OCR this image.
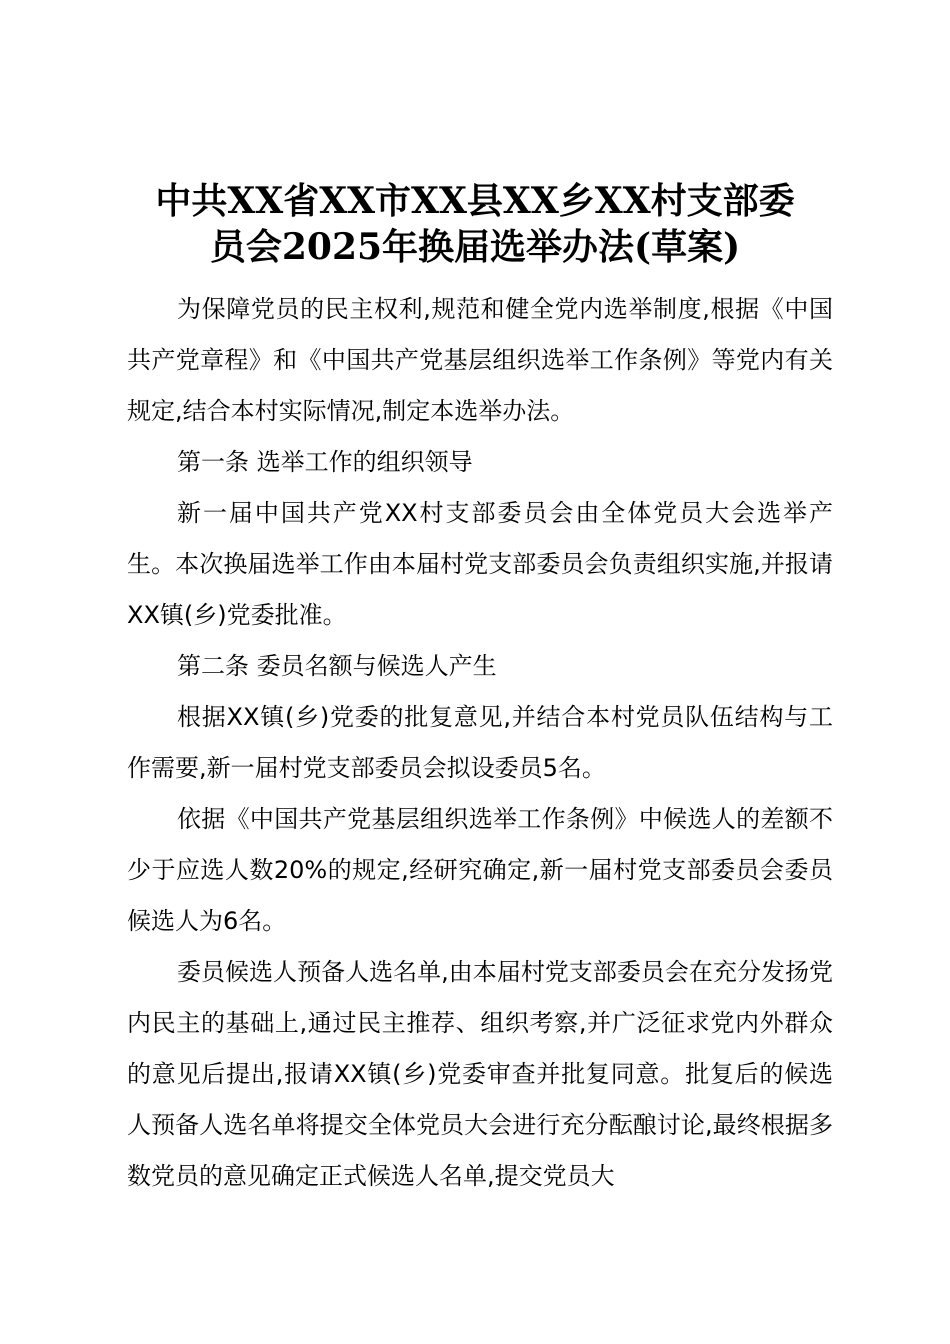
中共XX省XX市XX县XX乡XX村支部委
员会2025年换届选举办法(草案)

为保障党员的民主权利,规范和健全党内选举制度,根据《中国共产党章程》和《中国共产党基层组织选举工作条例》等党内有关规定,结合本村实际情况,制定本选举办法。

第一条 选举工作的组织领导

新一届中国共产党XX村支部委员会由全体党员大会选举产生。本次换届选举工作由本届村党支部委员会负责组织实施,并报请XX镇(乡)党委批准。

第二条 委员名额与候选人产生

根据XX镇(乡)党委的批复意见,并结合本村党员队伍结构与工作需要,新一届村党支部委员会拟设委员5名。

依据《中国共产党基层组织选举工作条例》中候选人的差额不少于应选人数20%的规定,经研究确定,新一届村党支部委员会委员候选人为6名。

委员候选人预备人选名单,由本届村党支部委员会在充分发扬党内民主的基础上,通过民主推荐、组织考察,并广泛征求党内外群众的意见后提出,报请XX镇(乡)党委审查并批复同意。批复后的候选人预备人选名单将提交全体党员大会进行充分酝酿讨论,最终根据多数党员的意见确定正式候选人名单,提交党员大
